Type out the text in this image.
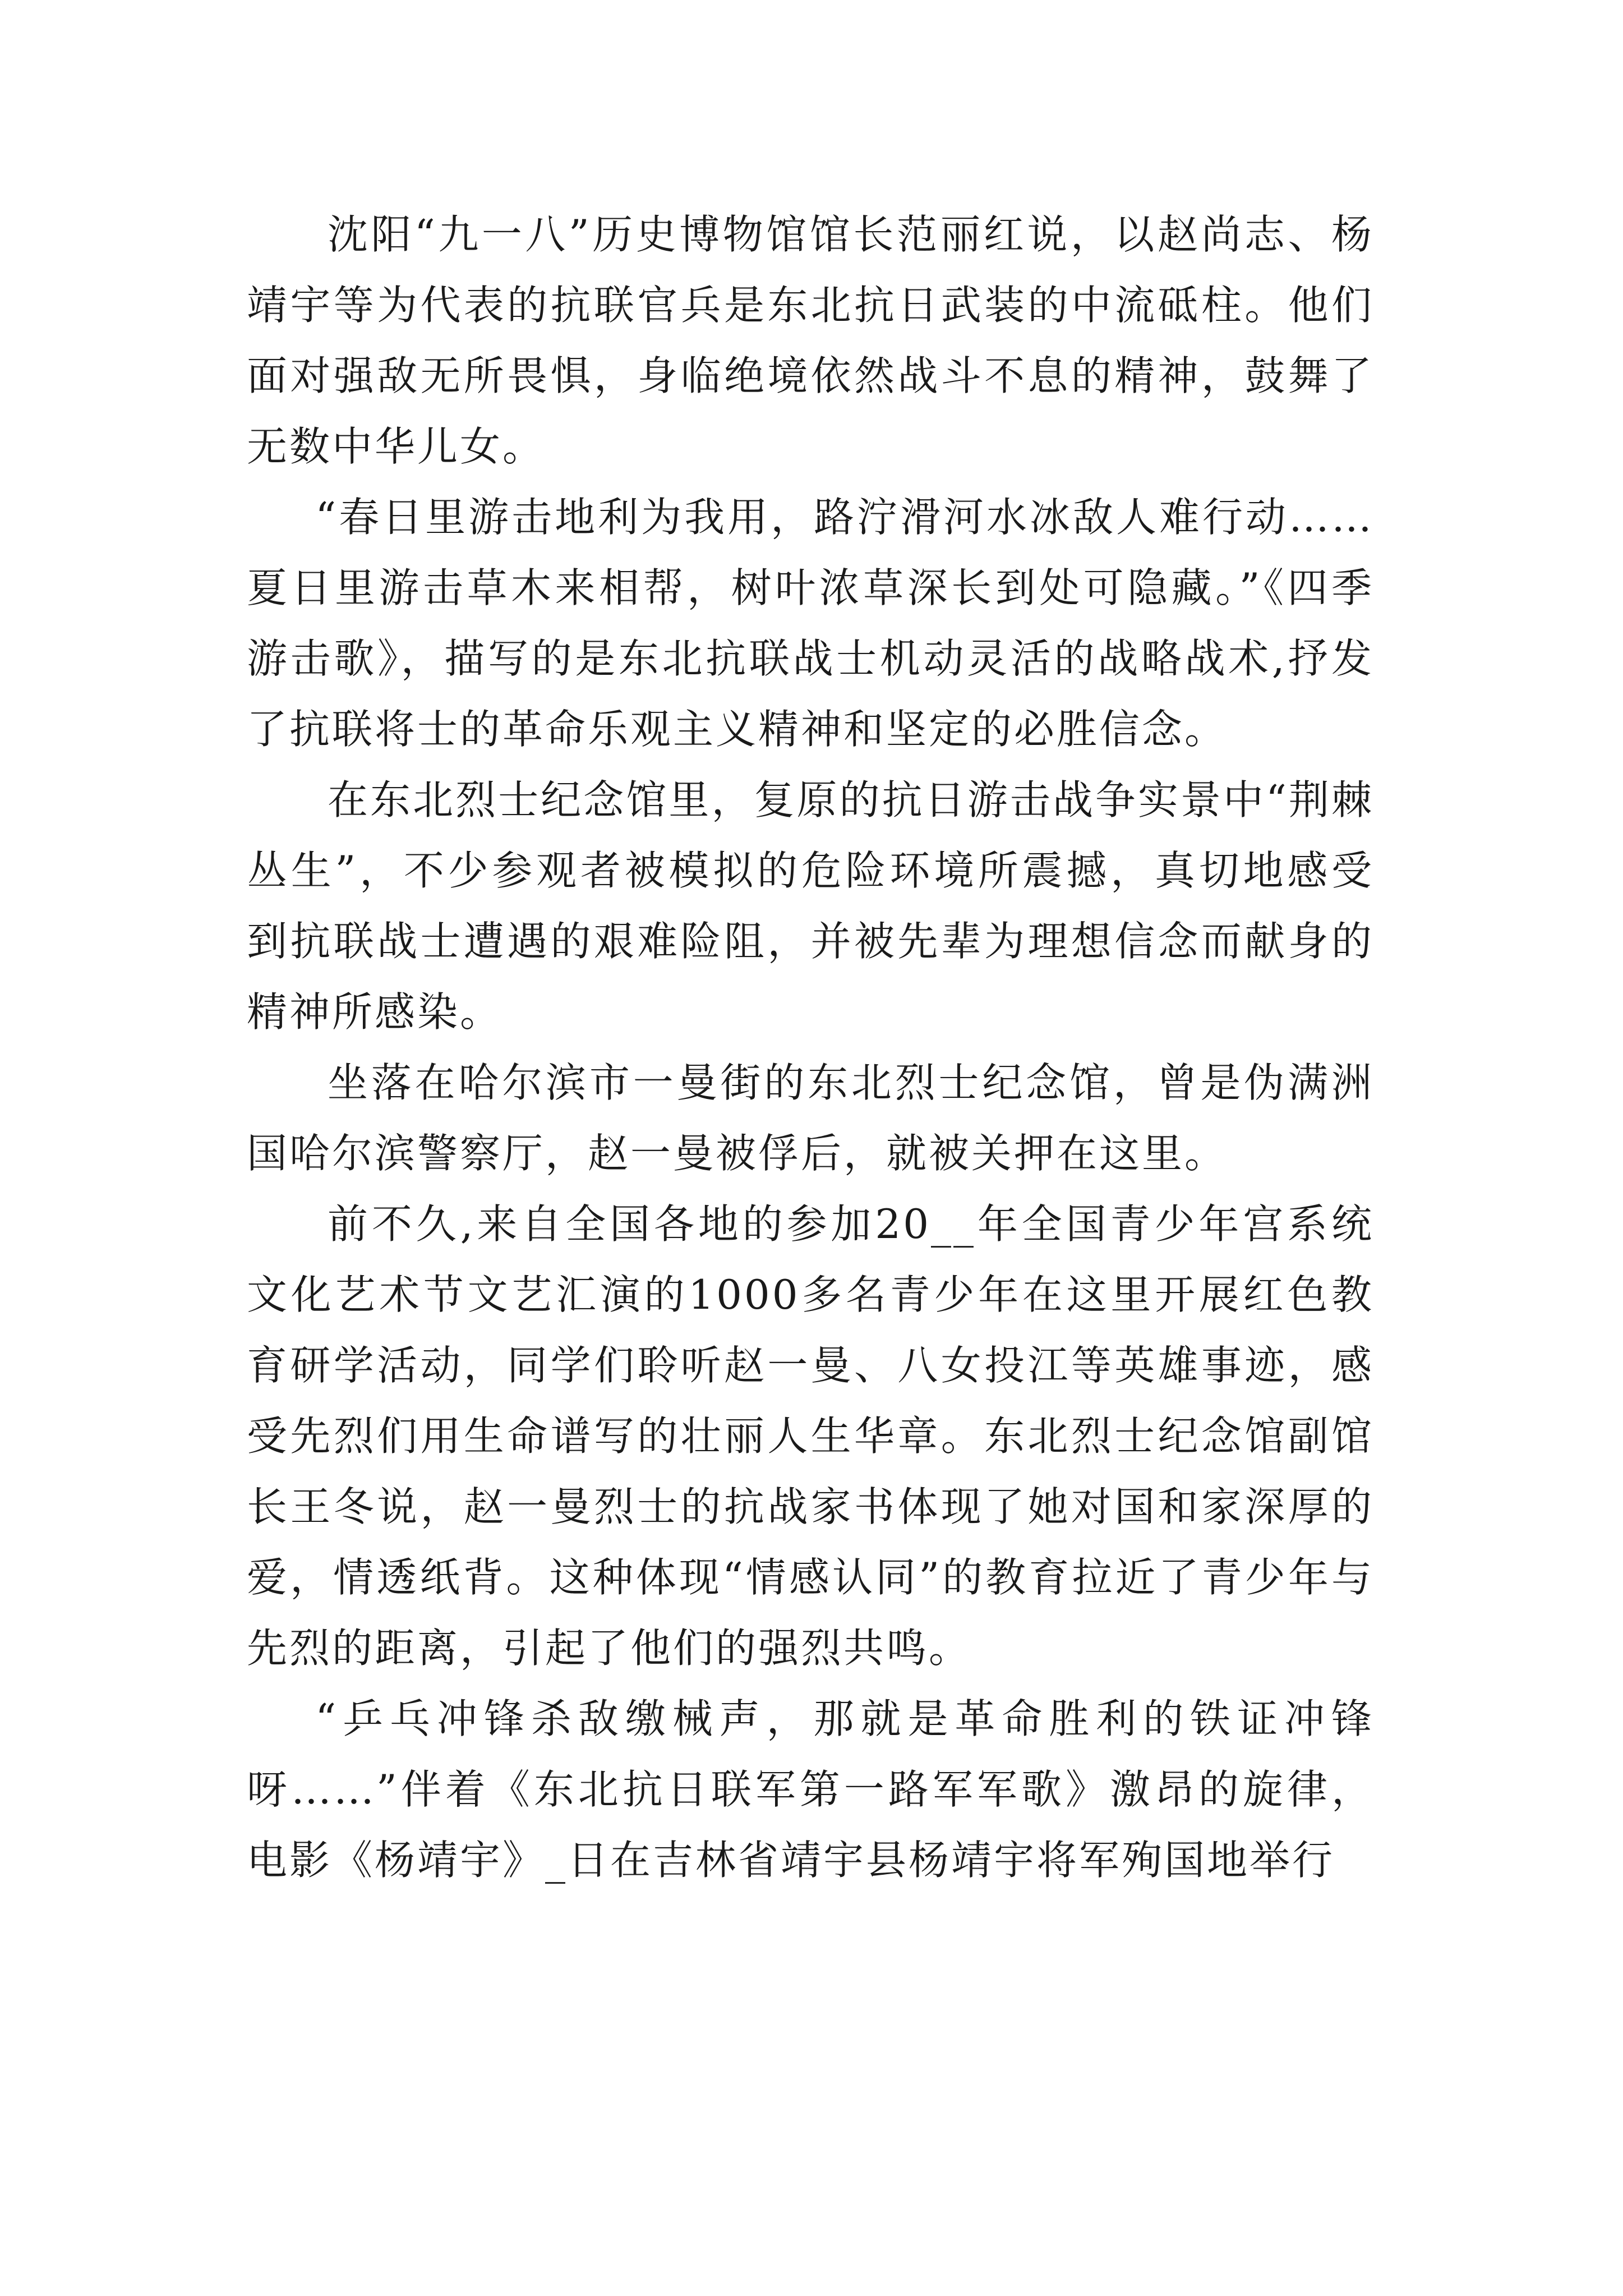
沈阳“九一八”历史博物馆馆长范丽红说，以赵尚志、杨靖宇等为代表的抗联官兵是东北抗日武装的中流砥柱。他们面对强敌无所畏惧，身临绝境依然战斗不息的精神，鼓舞了无数中华儿女。

“春日里游击地利为我用，路泞滑河水冰敌人难行动……夏日里游击草木来相帮，树叶浓草深长到处可隐藏。”《四季游击歌》，描写的是东北抗联战士机动灵活的战略战术,抒发了抗联将士的革命乐观主义精神和坚定的必胜信念。

在东北烈士纪念馆里，复原的抗日游击战争实景中“荆棘丛生”，不少参观者被模拟的危险环境所震撼，真切地感受到抗联战士遭遇的艰难险阻，并被先辈为理想信念而献身的精神所感染。

坐落在哈尔滨市一曼街的东北烈士纪念馆，曾是伪满洲国哈尔滨警察厅，赵一曼被俘后，就被关押在这里。

前不久,来自全国各地的参加20__年全国青少年宫系统文化艺术节文艺汇演的1000多名青少年在这里开展红色教育研学活动，同学们聆听赵一曼、八女投江等英雄事迹，感受先烈们用生命谱写的壮丽人生华章。东北烈士纪念馆副馆长王冬说，赵一曼烈士的抗战家书体现了她对国和家深厚的爱，情透纸背。这种体现“情感认同”的教育拉近了青少年与先烈的距离，引起了他们的强烈共鸣。

“乒乓冲锋杀敌缴械声，那就是革命胜利的铁证冲锋呀……”伴着《东北抗日联军第一路军军歌》激昂的旋律，电影《杨靖宇》_日在吉林省靖宇县杨靖宇将军殉国地举行
